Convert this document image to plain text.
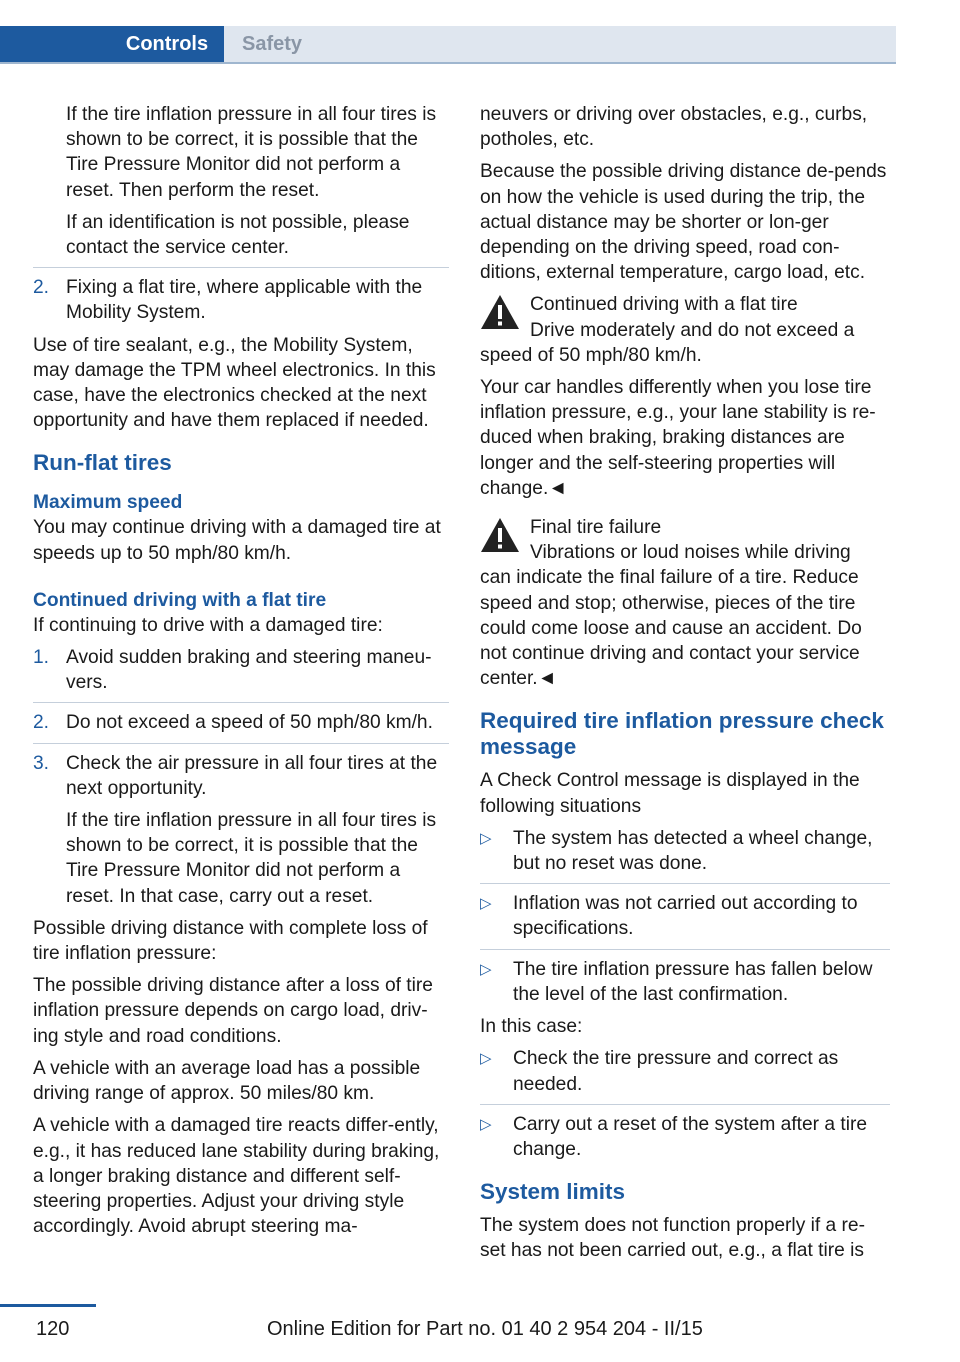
Controls	Safety

If the tire inflation pressure in all four tires is shown to be correct, it is possible that the Tire Pressure Monitor did not perform a reset. Then perform the reset.

If an identification is not possible, please contact the service center.

2. Fixing a flat tire, where applicable with the Mobility System.

Use of tire sealant, e.g., the Mobility System, may damage the TPM wheel electronics. In this case, have the electronics checked at the next opportunity and have them replaced if needed.

Run-flat tires
Maximum speed

You may continue driving with a damaged tire at speeds up to 50 mph/80 km/h.

Continued driving with a flat tire

If continuing to drive with a damaged tire:

1. Avoid sudden braking and steering maneu‐vers.
2. Do not exceed a speed of 50 mph/80 km/h.
3. Check the air pressure in all four tires at the next opportunity.

If the tire inflation pressure in all four tires is shown to be correct, it is possible that the Tire Pressure Monitor did not perform a reset. In that case, carry out a reset.

Possible driving distance with complete loss of tire inflation pressure:

The possible driving distance after a loss of tire inflation pressure depends on cargo load, driv‐ing style and road conditions.

A vehicle with an average load has a possible driving range of approx. 50 miles/80 km.

A vehicle with a damaged tire reacts differ‐ently, e.g., it has reduced lane stability during braking, a longer braking distance and different self-steering properties. Adjust your driving style accordingly. Avoid abrupt steering ma‐

neuvers or driving over obstacles, e.g., curbs, potholes, etc.

Because the possible driving distance de‐pends on how the vehicle is used during the trip, the actual distance may be shorter or lon‐ger depending on the driving speed, road con‐ditions, external temperature, cargo load, etc.

Continued driving with a flat tire
Drive moderately and do not exceed a
speed of 50 mph/80 km/h.

Your car handles differently when you lose tire inflation pressure, e.g., your lane stability is re‐duced when braking, braking distances are longer and the self-steering properties will change.◄

Final tire failure
Vibrations or loud noises while driving
can indicate the final failure of a tire. Reduce speed and stop; otherwise, pieces of the tire could come loose and cause an accident. Do not continue driving and contact your service center.◄
Required tire inflation pressure check message

A Check Control message is displayed in the following situations

▷	The system has detected a wheel change, but no reset was done.
▷	Inflation was not carried out according to specifications.
▷	The tire inflation pressure has fallen below the level of the last confirmation.

In this case:

▷	Check the tire pressure and correct as needed.
▷	Carry out a reset of the system after a tire change.
System limits

The system does not function properly if a re‐set has not been carried out, e.g., a flat tire is

120	Online Edition for Part no. 01 40 2 954 204 - II/15
